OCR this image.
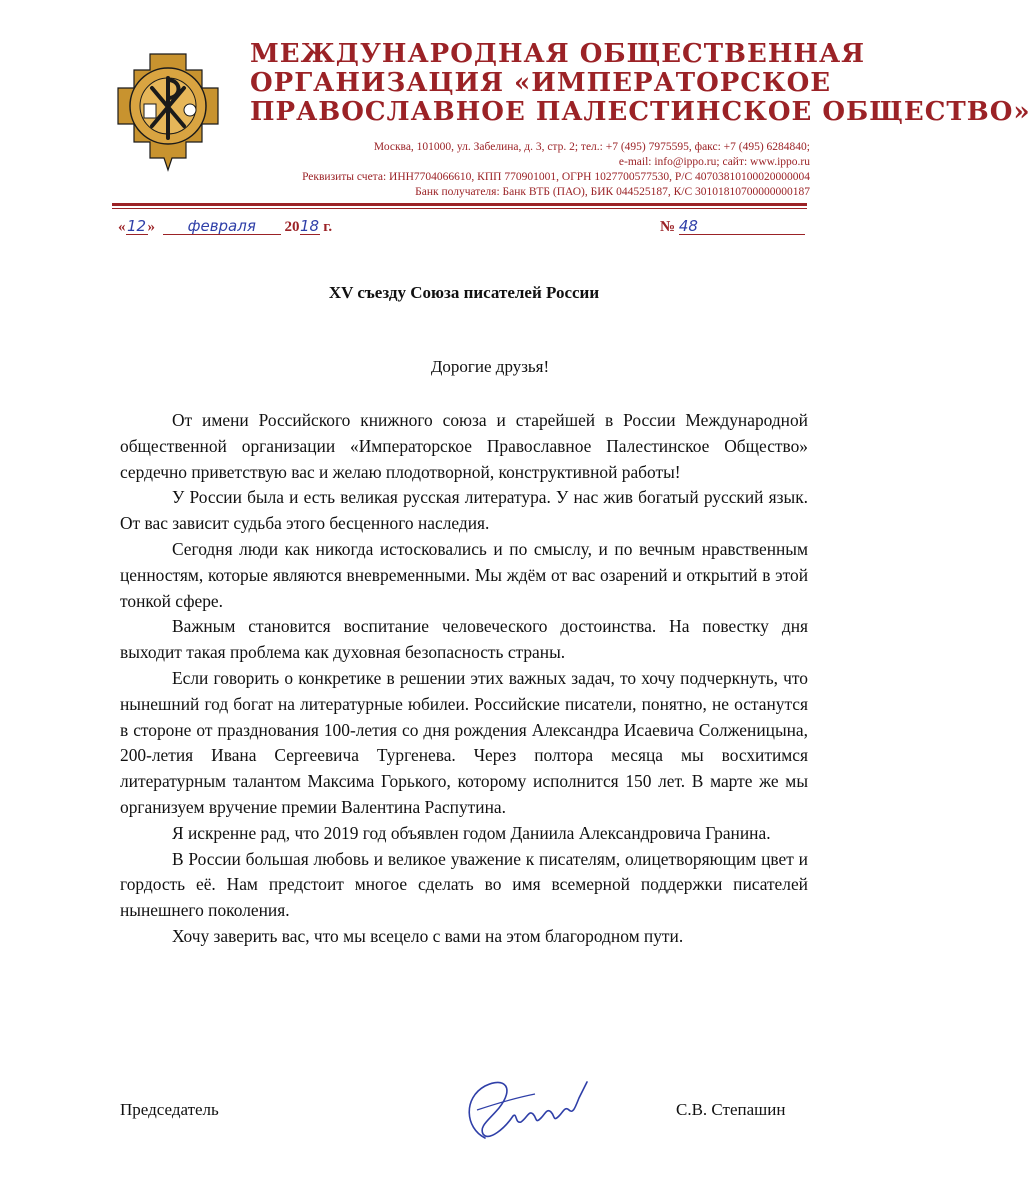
МЕЖДУНАРОДНАЯ ОБЩЕСТВЕННАЯ
ОРГАНИЗАЦИЯ «ИМПЕРАТОРСКОЕ
ПРАВОСЛАВНОЕ ПАЛЕСТИНСКОЕ ОБЩЕСТВО»
Москва, 101000, ул. Забелина, д. 3, стр. 2; тел.: +7 (495) 7975595, факс: +7 (495) 6284840;
e-mail: info@ippo.ru; сайт: www.ippo.ru
Реквизиты счета: ИНН7704066610, КПП 770901001, ОГРН 1027700577530, Р/С 40703810100020000004
Банк получателя: Банк ВТБ (ПАО), БИК 044525187, К/С 30101810700000000187
«12» февраля 2018 г.	№ 48
XV съезду Союза писателей России
Дорогие друзья!

От имени Российского книжного союза и старейшей в России Международной общественной организации «Императорское Православное Палестинское Общество» сердечно приветствую вас и желаю плодотворной, конструктивной работы!

У России была и есть великая русская литература. У нас жив богатый русский язык. От вас зависит судьба этого бесценного наследия.

Сегодня люди как никогда истосковались и по смыслу, и по вечным нравственным ценностям, которые являются вневременными. Мы ждём от вас озарений и открытий в этой тонкой сфере.

Важным становится воспитание человеческого достоинства. На повестку дня выходит такая проблема как духовная безопасность страны.

Если говорить о конкретике в решении этих важных задач, то хочу подчеркнуть, что нынешний год богат на литературные юбилеи. Российские писатели, понятно, не останутся в стороне от празднования 100-летия со дня рождения Александра Исаевича Солженицына, 200-летия Ивана Сергеевича Тургенева. Через полтора месяца мы восхитимся литературным талантом Максима Горького, которому исполнится 150 лет. В марте же мы организуем вручение премии Валентина Распутина.

Я искренне рад, что 2019 год объявлен годом Даниила Александровича Гранина.

В России большая любовь и великое уважение к писателям, олицетворяющим цвет и гордость её. Нам предстоит многое сделать во имя всемерной поддержки писателей нынешнего поколения.

Хочу заверить вас, что мы всецело с вами на этом благородном пути.

Председатель	С.В. Степашин
